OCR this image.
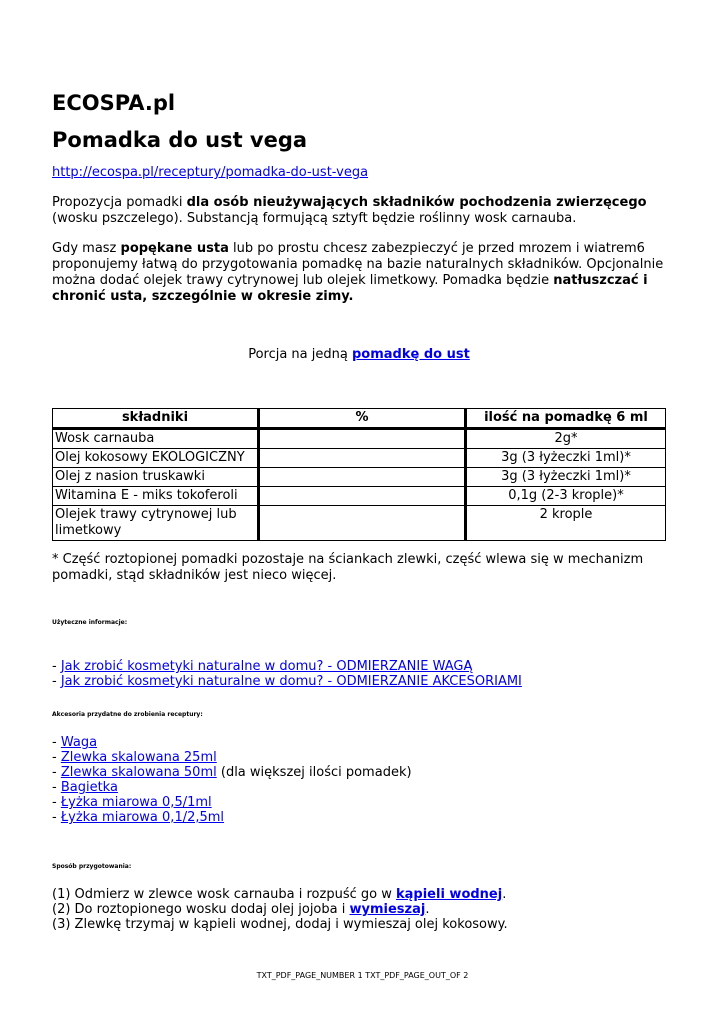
ECOSPA.pl
Pomadka do ust vega
http://ecospa.pl/receptury/pomadka-do-ust-vega

Propozycja pomadki dla osób nieużywających składników pochodzenia zwierzęcego (wosku pszczelego). Substancją formującą sztyft będzie roślinny wosk carnauba.

Gdy masz popękane usta lub po prostu chcesz zabezpieczyć je przed mrozem i wiatrem6 proponujemy łatwą do przygotowania pomadkę na bazie naturalnych składników. Opcjonalnie można dodać olejek trawy cytrynowej lub olejek limetkowy. Pomadka będzie natłuszczać i chronić usta, szczególnie w okresie zimy.

Porcja na jedną pomadkę do ust
składniki	%	ilość na pomadkę 6 ml
Wosk carnauba		2g*
Olej kokosowy EKOLOGICZNY		3g (3 łyżeczki 1ml)*
Olej z nasion truskawki		3g (3 łyżeczki 1ml)*
Witamina E - miks tokoferoli		0,1g (2-3 krople)*
Olejek trawy cytrynowej lub limetkowy		2 krople
* Część roztopionej pomadki pozostaje na ściankach zlewki, część wlewa się w mechanizm pomadki, stąd składników jest nieco więcej.
Użyteczne informacje:
- Jak zrobić kosmetyki naturalne w domu? - ODMIERZANIE WAGĄ
- Jak zrobić kosmetyki naturalne w domu? - ODMIERZANIE AKCESORIAMI
Akcesoria przydatne do zrobienia receptury:
- Waga
- Zlewka skalowana 25ml
- Zlewka skalowana 50ml (dla większej ilości pomadek)
- Bagietka
- Łyżka miarowa 0,5/1ml
- Łyżka miarowa 0,1/2,5ml
Sposób przygotowania:
(1) Odmierz w zlewce wosk carnauba i rozpuść go w kąpieli wodnej.
(2) Do roztopionego wosku dodaj olej jojoba i wymieszaj.
(3) Zlewkę trzymaj w kąpieli wodnej, dodaj i wymieszaj olej kokosowy.
TXT_PDF_PAGE_NUMBER 1 TXT_PDF_PAGE_OUT_OF 2
